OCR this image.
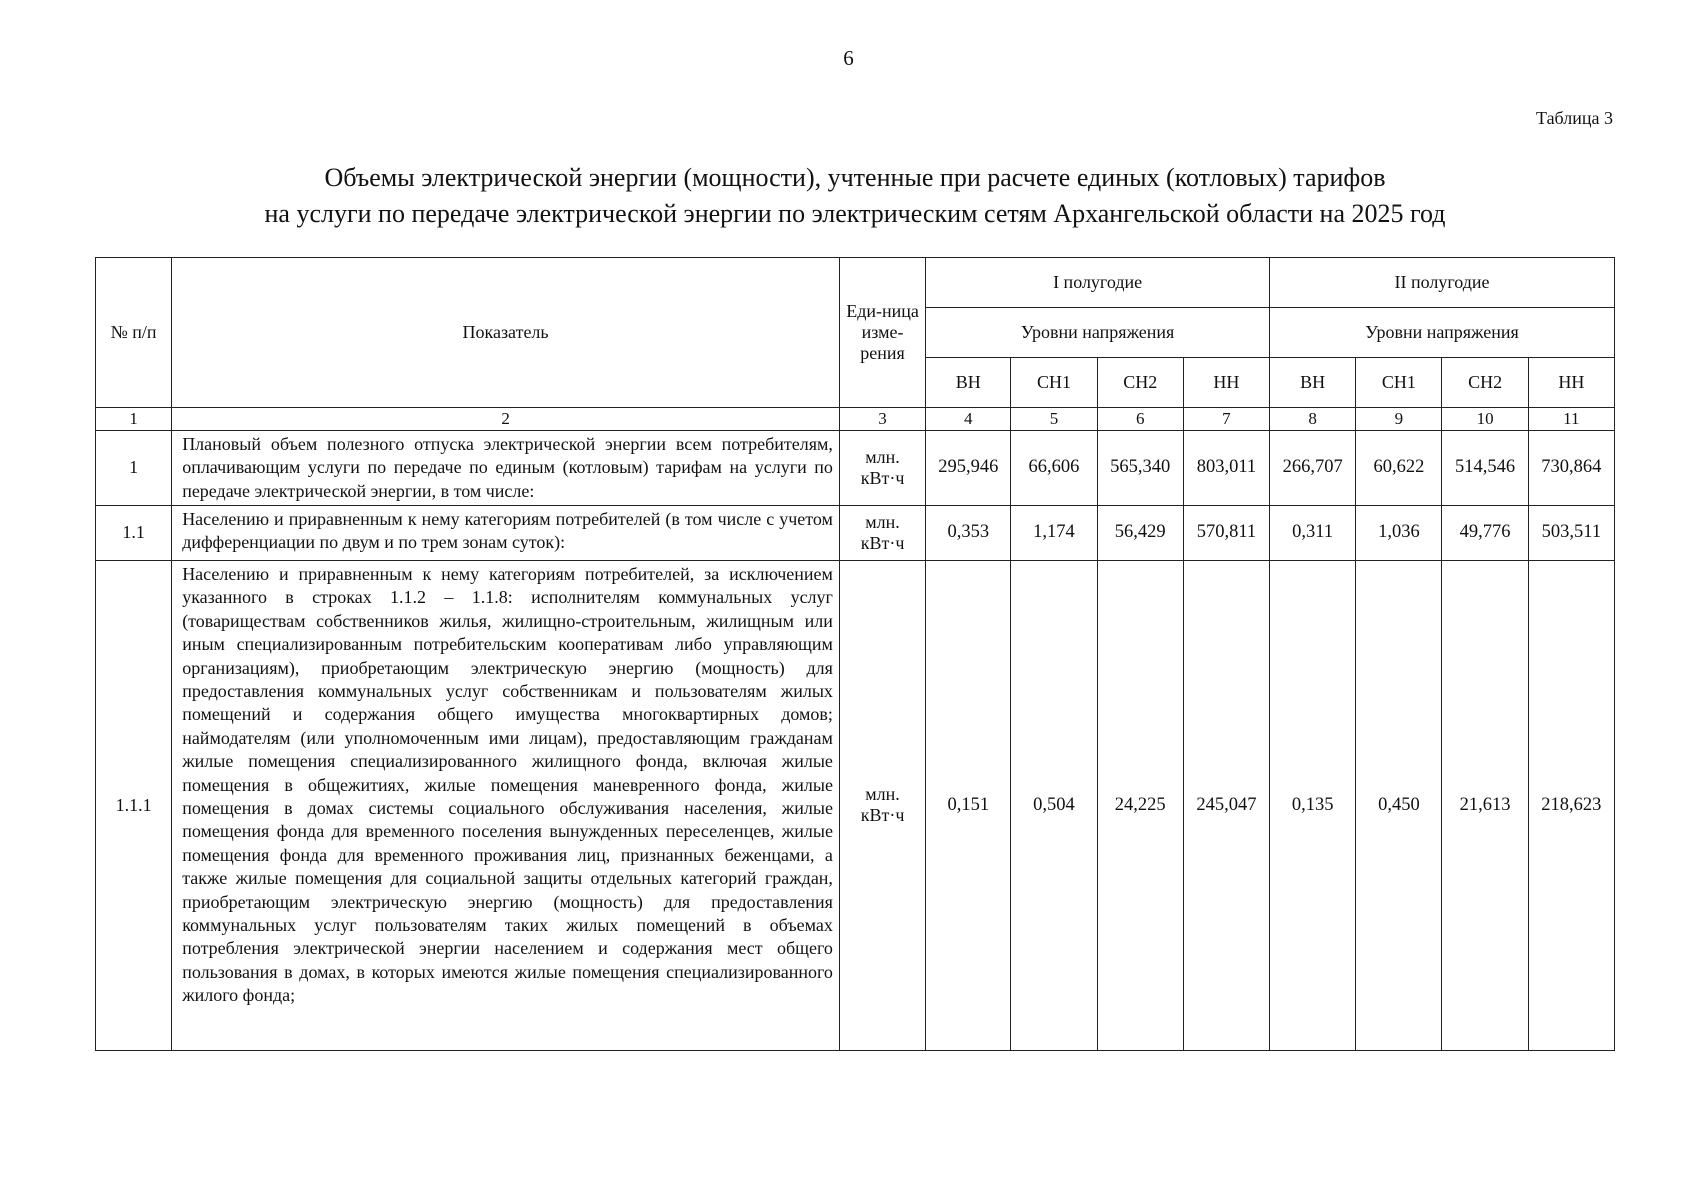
6
Таблица 3
Объемы электрической энергии (мощности), учтенные при расчете единых (котловых) тарифов
на услуги по передаче электрической энергии по электрическим сетям Архангельской области на 2025 год
№ п/п	Показатель	Еди-ница изме-рения	I полугодие				II полугодие			
			Уровни напряжения				Уровни напряжения			
			ВН	СН1	СН2	НН	ВН	СН1	СН2	НН
1	2	3	4	5	6	7	8	9	10	11
1	Плановый объем полезного отпуска электрической энергии всем потребителям, оплачивающим услуги по передаче по единым (котловым) тарифам на услуги по передаче электрической энергии, в том числе:	млн. кВт·ч	295,946	66,606	565,340	803,011	266,707	60,622	514,546	730,864
1.1	Населению и приравненным к нему категориям потребителей (в том числе с учетом дифференциации по двум и по трем зонам суток):	млн. кВт·ч	0,353	1,174	56,429	570,811	0,311	1,036	49,776	503,511
1.1.1	Населению и приравненным к нему категориям потребителей, за исключением указанного в строках 1.1.2 – 1.1.8: исполнителям коммунальных услуг (товариществам собственников жилья, жилищно-строительным, жилищным или иным специализированным потребительским кооперативам либо управляющим организациям), приобретающим электрическую энергию (мощность) для предоставления коммунальных услуг собственникам и пользователям жилых помещений и содержания общего имущества многоквартирных домов; наймодателям (или уполномоченным ими лицам), предоставляющим гражданам жилые помещения специализированного жилищного фонда, включая жилые помещения в общежитиях, жилые помещения маневренного фонда, жилые помещения в домах системы социального обслуживания населения, жилые помещения фонда для временного поселения вынужденных переселенцев, жилые помещения фонда для временного проживания лиц, признанных беженцами, а также жилые помещения для социальной защиты отдельных категорий граждан, приобретающим электрическую энергию (мощность) для предоставления коммунальных услуг пользователям таких жилых помещений в объемах потребления электрической энергии населением и содержания мест общего пользования в домах, в которых имеются жилые помещения специализированного жилого фонда;	млн. кВт·ч	0,151	0,504	24,225	245,047	0,135	0,450	21,613	218,623
